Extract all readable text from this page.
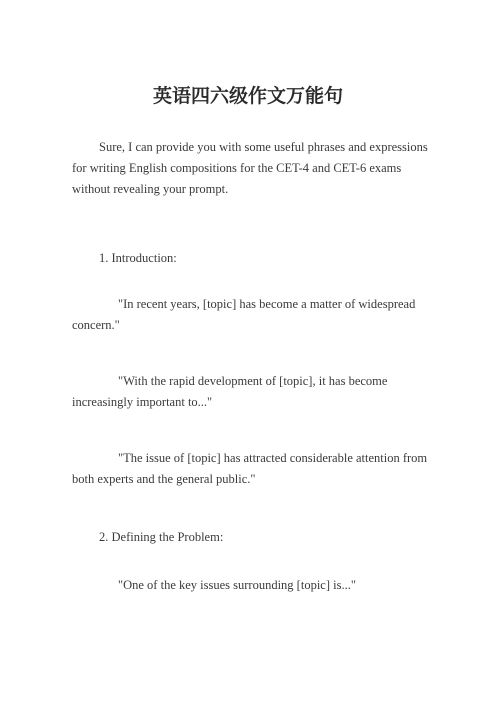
英语四六级作文万能句

Sure, I can provide you with some useful phrases and expressions for writing English compositions for the CET-4 and CET-6 exams without revealing your prompt.

1. Introduction:

"In recent years, [topic] has become a matter of widespread concern."

"With the rapid development of [topic], it has become increasingly important to..."

"The issue of [topic] has attracted considerable attention from both experts and the general public."

2. Defining the Problem:

"One of the key issues surrounding [topic] is..."
